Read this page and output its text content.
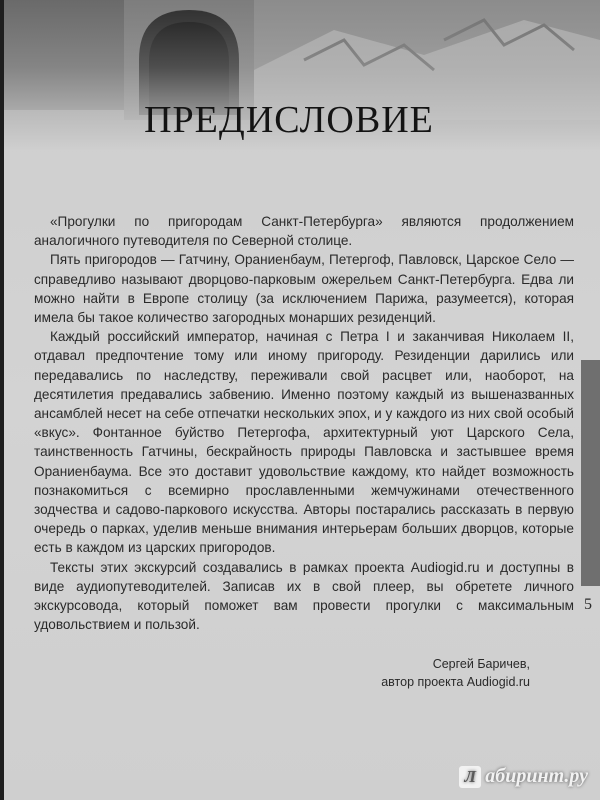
ПРЕДИСЛОВИЕ

«Прогулки по пригородам Санкт-Петербурга» являются продолжением аналогичного путеводителя по Северной столице.

Пять пригородов — Гатчину, Ораниенбаум, Петергоф, Павловск, Царское Село — справедливо называют дворцово-парковым ожерельем Санкт-Петербурга. Едва ли можно найти в Европе столицу (за исключением Парижа, разумеется), которая имела бы такое количество загородных монарших резиденций.

Каждый российский император, начиная с Петра I и заканчивая Николаем II, отдавал предпочтение тому или иному пригороду. Резиденции дарились или передавались по наследству, переживали свой расцвет или, наоборот, на десятилетия предавались забвению. Именно поэтому каждый из вышеназванных ансамблей несет на себе отпечатки нескольких эпох, и у каждого из них свой особый «вкус». Фонтанное буйство Петергофа, архитектурный уют Царского Села, таинственность Гатчины, бескрайность природы Павловска и застывшее время Ораниенбаума. Все это доставит удовольствие каждому, кто найдет возможность познакомиться с всемирно прославленными жемчужинами отечественного зодчества и садово-паркового искусства. Авторы постарались рассказать в первую очередь о парках, уделив меньше внимания интерьерам больших дворцов, которые есть в каждом из царских пригородов.

Тексты этих экскурсий создавались в рамках проекта Audiogid.ru и доступны в виде аудиопутеводителей. Записав их в свой плеер, вы обретете личного экскурсовода, который поможет вам провести прогулки с максимальным удовольствием и пользой.

5
Сергей Баричев,
автор проекта Audiogid.ru
Л абиринт.ру
